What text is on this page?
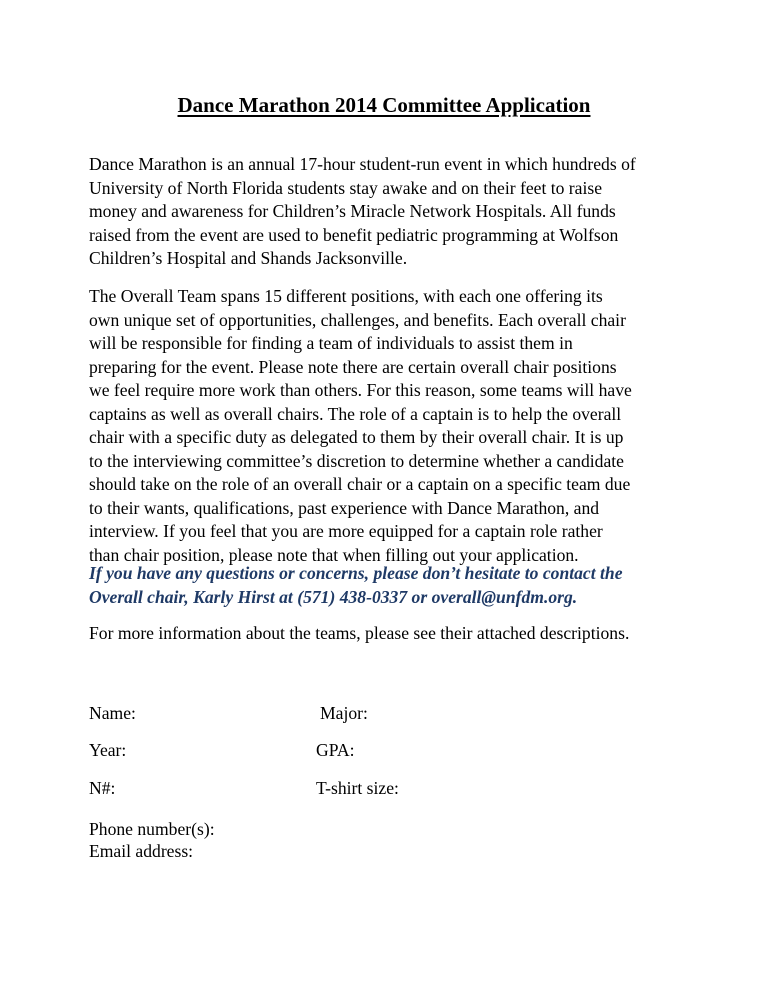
Dance Marathon 2014 Committee Application

Dance Marathon is an annual 17-hour student-run event in which hundreds of
University of North Florida students stay awake and on their feet to raise
money and awareness for Children’s Miracle Network Hospitals. All funds
raised from the event are used to benefit pediatric programming at Wolfson
Children’s Hospital and Shands Jacksonville.

The Overall Team spans 15 different positions, with each one offering its
own unique set of opportunities, challenges, and benefits. Each overall chair
will be responsible for finding a team of individuals to assist them in
preparing for the event. Please note there are certain overall chair positions
we feel require more work than others. For this reason, some teams will have
captains as well as overall chairs. The role of a captain is to help the overall
chair with a specific duty as delegated to them by their overall chair. It is up
to the interviewing committee’s discretion to determine whether a candidate
should take on the role of an overall chair or a captain on a specific team due
to their wants, qualifications, past experience with Dance Marathon, and
interview. If you feel that you are more equipped for a captain role rather
than chair position, please note that when filling out your application.

If you have any questions or concerns, please don’t hesitate to contact the
Overall chair, Karly Hirst at (571) 438-0337 or overall@unfdm.org.

For more information about the teams, please see their attached descriptions.

Name:	Major:
Year:	GPA:
N#:	T-shirt size:
Phone number(s):
Email address:
